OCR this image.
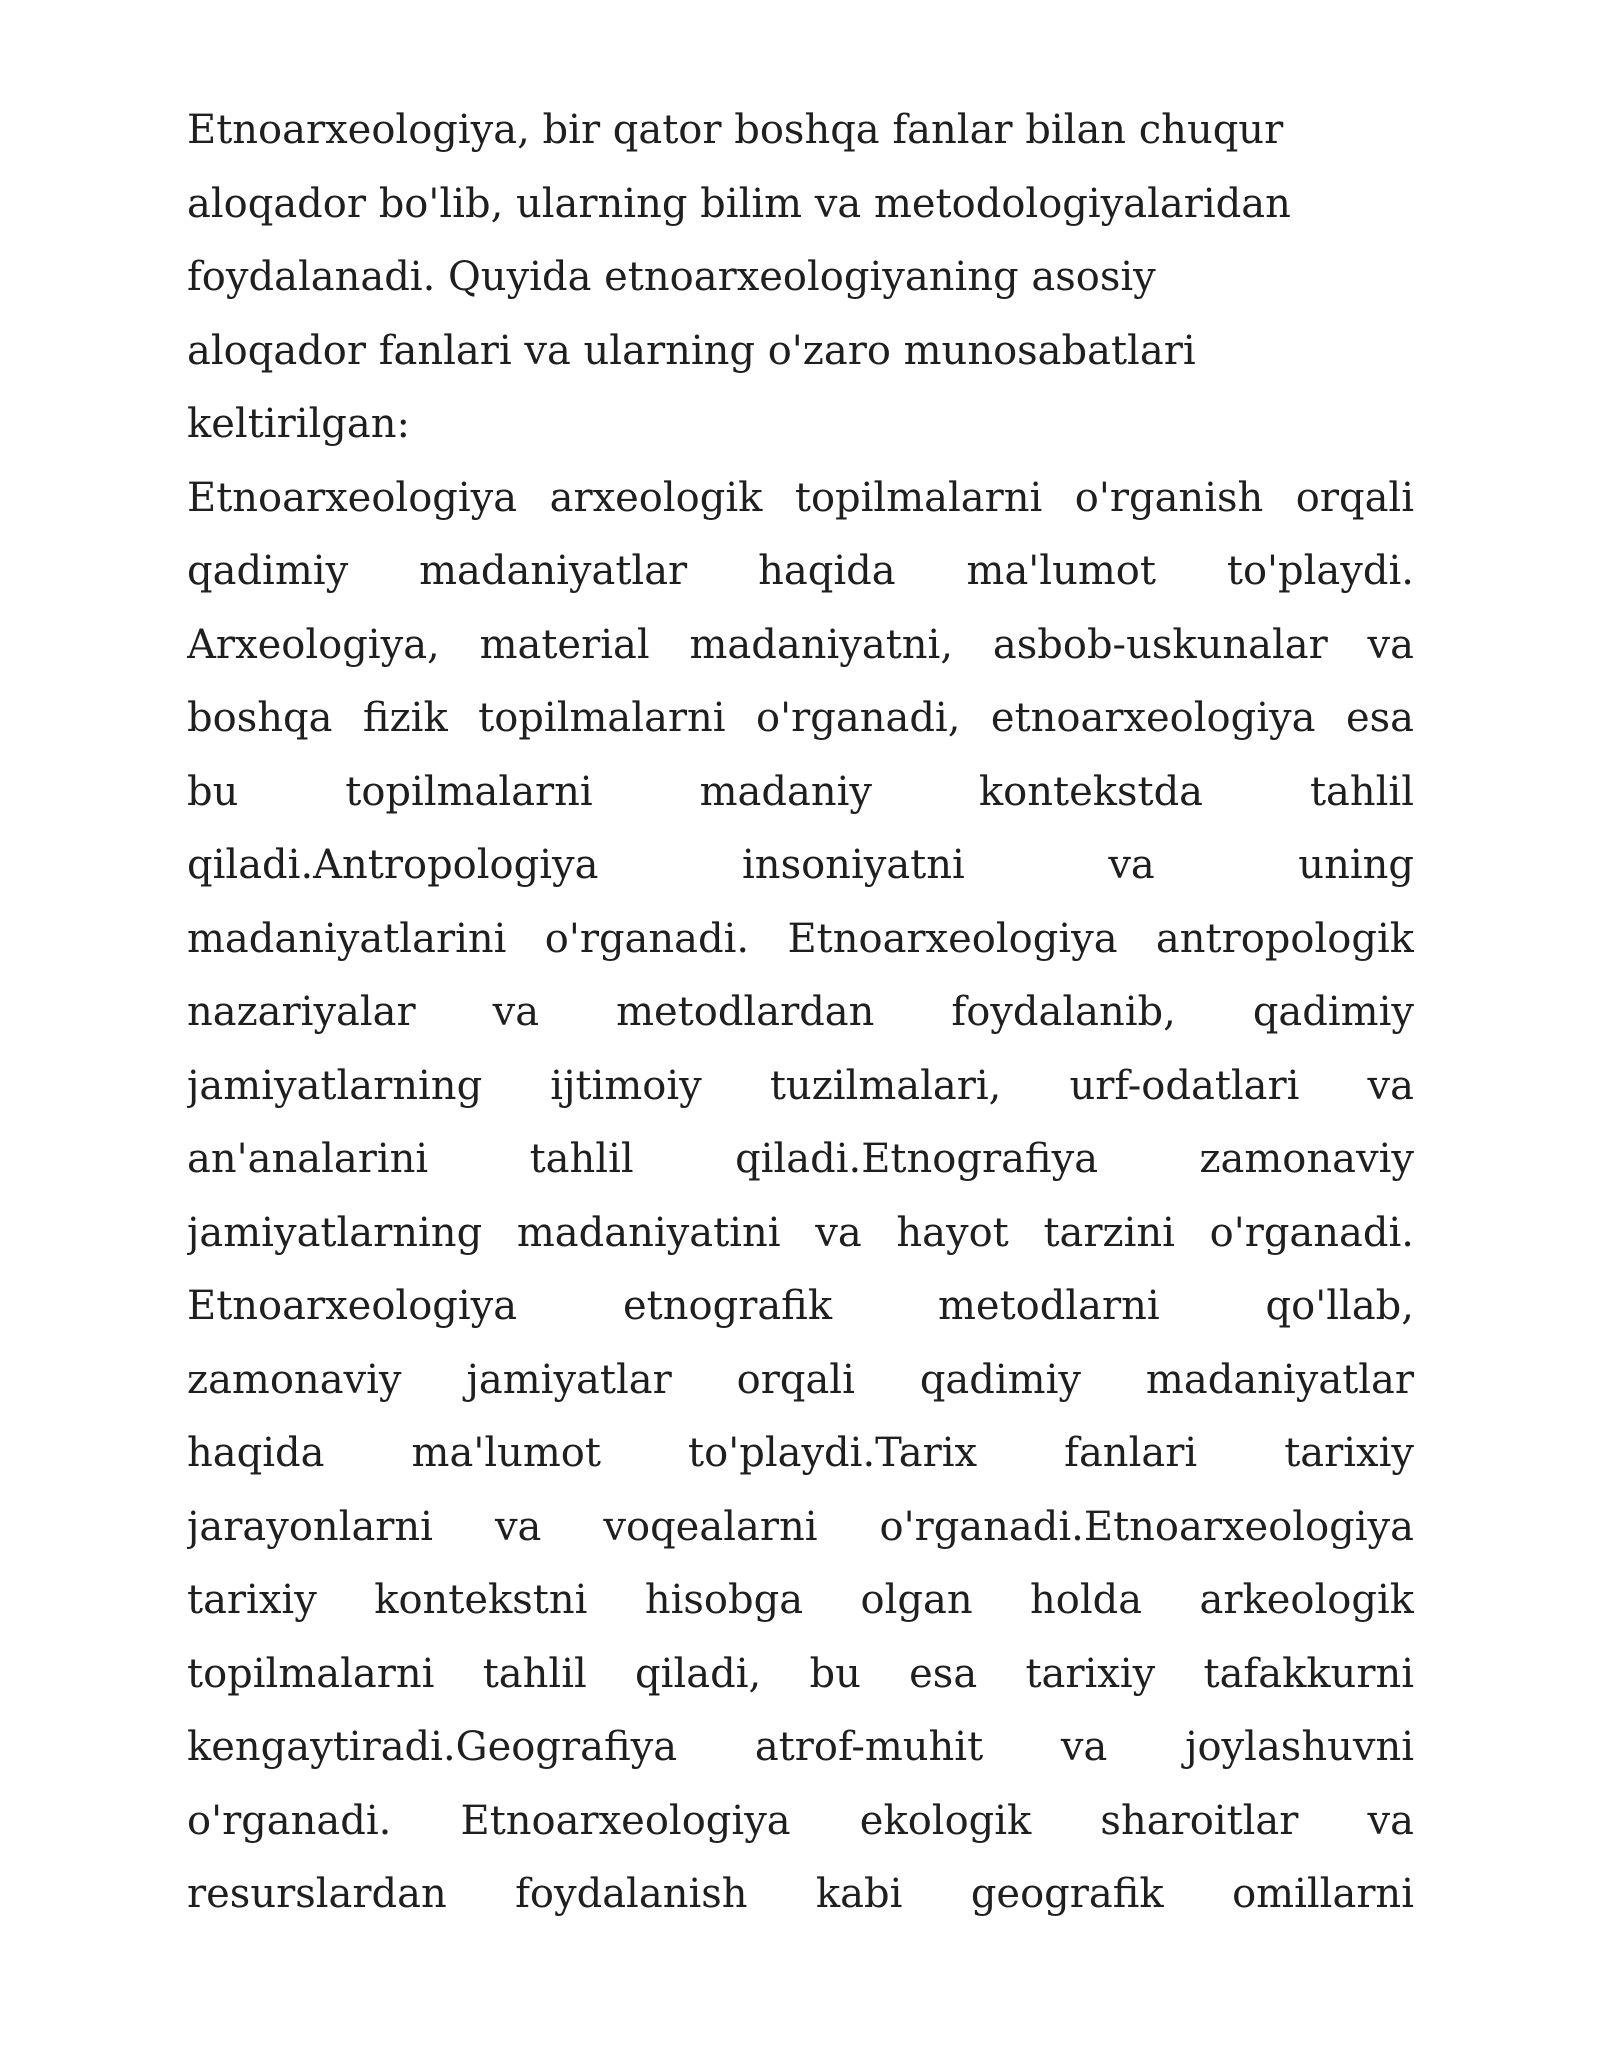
Etnoarxeologiya, bir qator boshqa fanlar bilan chuqur
aloqador bo'lib, ularning bilim va metodologiyalaridan
foydalanadi. Quyida etnoarxeologiyaning asosiy
aloqador fanlari va ularning o'zaro munosabatlari
keltirilgan:
Etnoarxeologiya arxeologik topilmalarni o'rganish orqali
qadimiy madaniyatlar haqida ma'lumot to'playdi.
Arxeologiya, material madaniyatni, asbob-uskunalar va
boshqa fizik topilmalarni o'rganadi, etnoarxeologiya esa
bu topilmalarni madaniy kontekstda tahlil
qiladi.Antropologiya insoniyatni va uning
madaniyatlarini o'rganadi. Etnoarxeologiya antropologik
nazariyalar va metodlardan foydalanib, qadimiy
jamiyatlarning ijtimoiy tuzilmalari, urf-odatlari va
an'analarini tahlil qiladi.Etnografiya zamonaviy
jamiyatlarning madaniyatini va hayot tarzini o'rganadi.
Etnoarxeologiya etnografik metodlarni qo'llab,
zamonaviy jamiyatlar orqali qadimiy madaniyatlar
haqida ma'lumot to'playdi.Tarix fanlari tarixiy
jarayonlarni va voqealarni o'rganadi.Etnoarxeologiya
tarixiy kontekstni hisobga olgan holda arkeologik
topilmalarni tahlil qiladi, bu esa tarixiy tafakkurni
kengaytiradi.Geografiya atrof-muhit va joylashuvni
o'rganadi. Etnoarxeologiya ekologik sharoitlar va
resurslardan foydalanish kabi geografik omillarni
